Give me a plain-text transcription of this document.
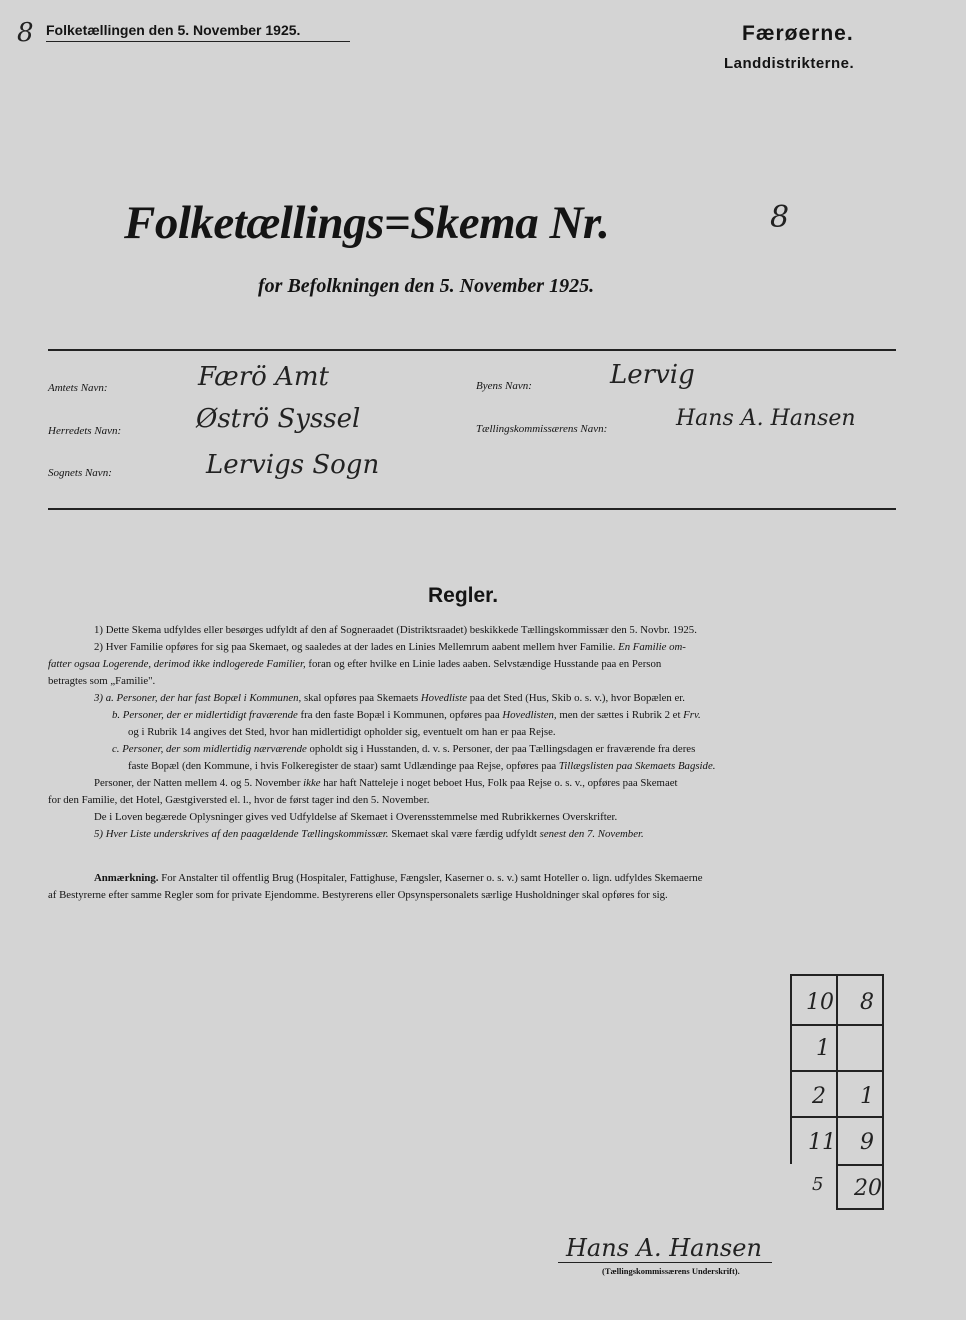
8 Folketællingen den 5. November 1925.	Færøerne.
Landdistrikterne.
Folketællings=Skema Nr.	8
for Befolkningen den 5. November 1925.
Amtets Navn:	Færö Amt
Herredets Navn:	Øströ Syssel
Sognets Navn:	Lervigs Sogn
Byens Navn:	Lervig
Tællingskommissærens Navn:	Hans A. Hansen
Regler.
1) Dette Skema udfyldes eller besørges udfyldt af den af Sogneraadet (Distriktsraadet) beskikkede Tællingskommissær den 5. Novbr. 1925.
2) Hver Familie opføres for sig paa Skemaet, og saaledes at der lades en Linies Mellemrum aabent mellem hver Familie. En Familie om-
fatter ogsaa Logerende, derimod ikke indlogerede Familier, foran og efter hvilke en Linie lades aaben. Selvstændige Husstande paa en Person
betragtes som „Familie".
3) a. Personer, der har fast Bopæl i Kommunen, skal opføres paa Skemaets Hovedliste paa det Sted (Hus, Skib o. s. v.), hvor Bopælen er.
b. Personer, der er midlertidigt fraværende fra den faste Bopæl i Kommunen, opføres paa Hovedlisten, men der sættes i Rubrik 2 et Frv.
og i Rubrik 14 angives det Sted, hvor han midlertidigt opholder sig, eventuelt om han er paa Rejse.
c. Personer, der som midlertidig nærværende opholdt sig i Husstanden, d. v. s. Personer, der paa Tællingsdagen er fraværende fra deres
faste Bopæl (den Kommune, i hvis Folkeregister de staar) samt Udlændinge paa Rejse, opføres paa Tillægslisten paa Skemaets Bagside.
Personer, der Natten mellem 4. og 5. November ikke har haft Natteleje i noget beboet Hus, Folk paa Rejse o. s. v., opføres paa Skemaet
for den Familie, det Hotel, Gæstgiversted el. l., hvor de først tager ind den 5. November.
De i Loven begærede Oplysninger gives ved Udfyldelse af Skemaet i Overensstemmelse med Rubrikkernes Overskrifter.
5) Hver Liste underskrives af den paagældende Tællingskommissær. Skemaet skal være færdig udfyldt senest den 7. November.
Anmærkning. For Anstalter til offentlig Brug (Hospitaler, Fattighuse, Fængsler, Kaserner o. s. v.) samt Hoteller o. lign. udfyldes Skemaerne
af Bestyrerne efter samme Regler som for private Ejendomme. Bestyrerens eller Opsynspersonalets særlige Husholdninger skal opføres for sig.
10 8
1
2 1
11 9
5 20
Hans A. Hansen
(Tællingskommissærens Underskrift).
